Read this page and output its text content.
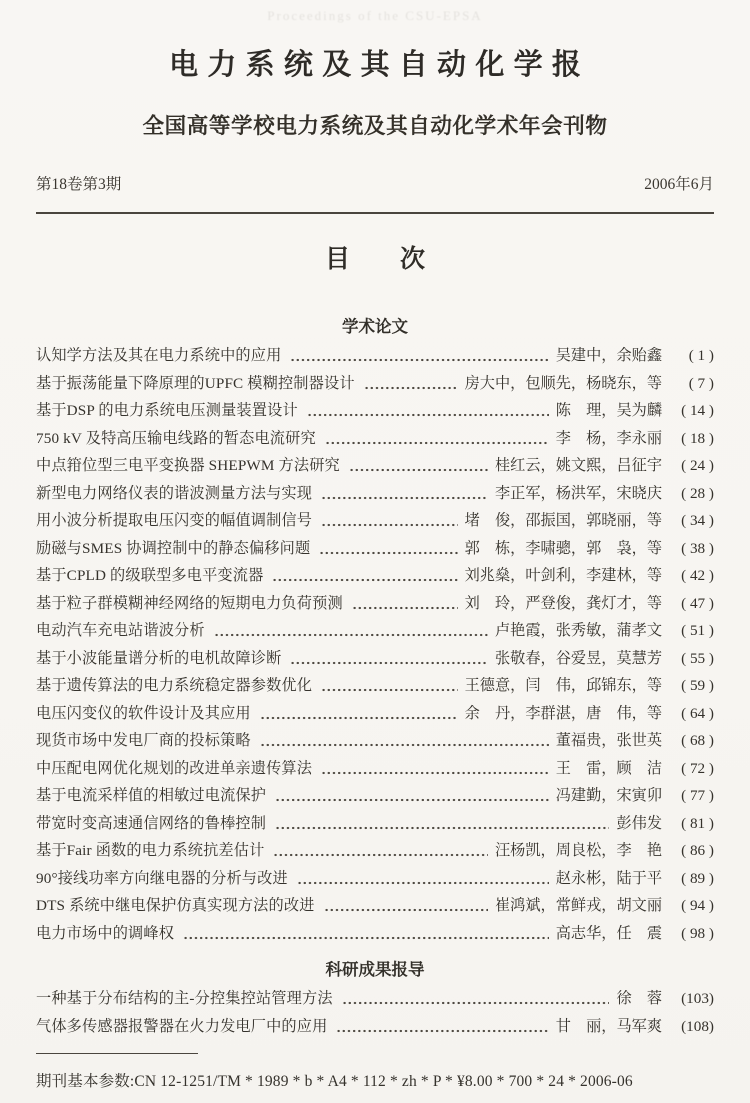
Proceedings of the CSU-EPSA
电力系统及其自动化学报
全国高等学校电力系统及其自动化学术年会刊物
第18卷第3期	2006年6月
目　　次
学术论文
认知学方法及其在电力系统中的应用	吴建中，余贻鑫	( 1 )
基于振荡能量下降原理的UPFC 模糊控制器设计	房大中，包顺先，杨晓东，等	( 7 )
基于DSP 的电力系统电压测量装置设计	陈　理，吴为麟	( 14 )
750 kV 及特高压输电线路的暂态电流研究	李　杨，李永丽	( 18 )
中点箝位型三电平变换器 SHEPWM 方法研究	桂红云，姚文熙，吕征宇	( 24 )
新型电力网络仪表的谐波测量方法与实现	李正军，杨洪军，宋晓庆	( 28 )
用小波分析提取电压闪变的幅值调制信号	堵　俊，邵振国，郭晓丽，等	( 34 )
励磁与SMES 协调控制中的静态偏移问题	郭　栋，李啸骢，郭　袅，等	( 38 )
基于CPLD 的级联型多电平变流器	刘兆燊，叶剑利，李建林，等	( 42 )
基于粒子群模糊神经网络的短期电力负荷预测	刘　玲，严登俊，龚灯才，等	( 47 )
电动汽车充电站谐波分析	卢艳霞，张秀敏，蒲孝文	( 51 )
基于小波能量谱分析的电机故障诊断	张敬春，谷爱昱，莫慧芳	( 55 )
基于遗传算法的电力系统稳定器参数优化	王德意，闫　伟，邱锦东，等	( 59 )
电压闪变仪的软件设计及其应用	余　丹，李群湛，唐　伟，等	( 64 )
现货市场中发电厂商的投标策略	董福贵，张世英	( 68 )
中压配电网优化规划的改进单亲遗传算法	王　雷，顾　洁	( 72 )
基于电流采样值的相敏过电流保护	冯建勤，宋寅卯	( 77 )
带宽时变高速通信网络的鲁棒控制	彭伟发	( 81 )
基于Fair 函数的电力系统抗差估计	汪杨凯，周良松，李　艳	( 86 )
90°接线功率方向继电器的分析与改进	赵永彬，陆于平	( 89 )
DTS 系统中继电保护仿真实现方法的改进	崔鸿斌，常鲜戎，胡文丽	( 94 )
电力市场中的调峰权	高志华，任　震	( 98 )
科研成果报导
一种基于分布结构的主-分控集控站管理方法	徐　蓉	(103)
气体多传感器报警器在火力发电厂中的应用	甘　丽，马军爽	(108)
期刊基本参数:CN 12-1251/TM * 1989 * b * A4 * 112 * zh * P * ¥8.00 * 700 * 24 * 2006-06
